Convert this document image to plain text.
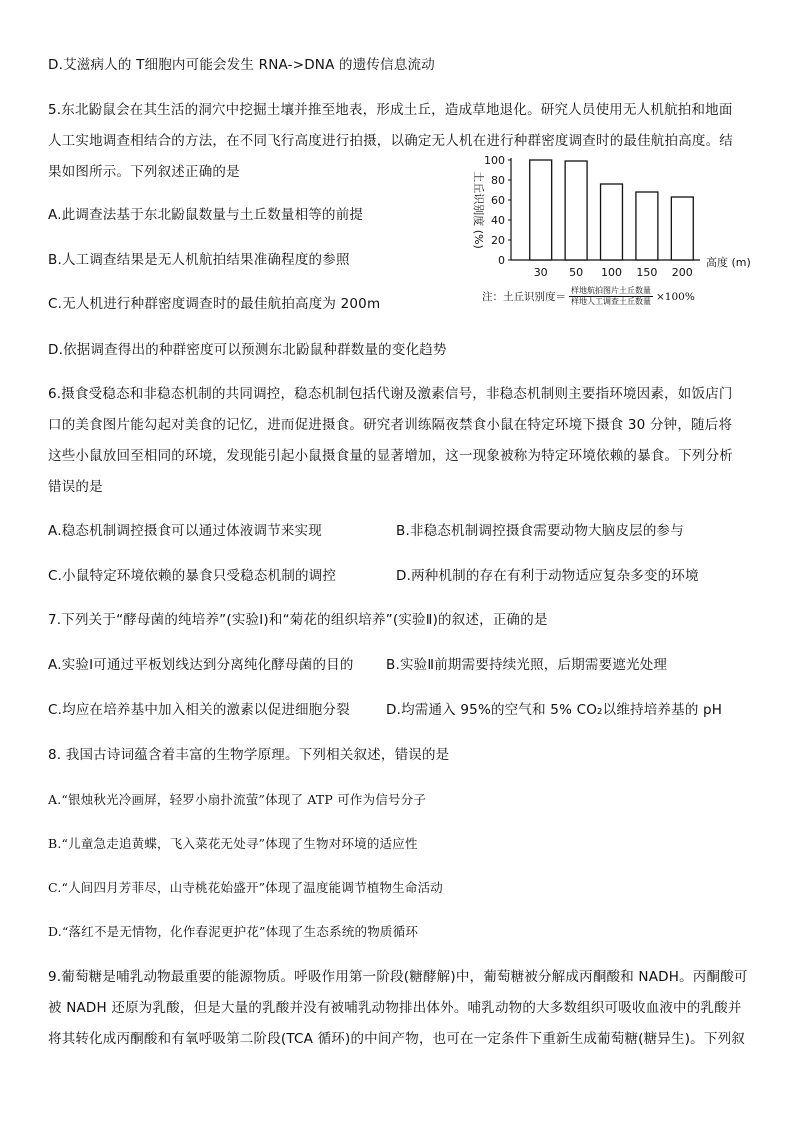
D.艾滋病人的 T细胞内可能会发生 RNA->DNA 的遗传信息流动
5.东北鼢鼠会在其生活的洞穴中挖掘土壤并推至地表，形成土丘，造成草地退化。研究人员使用无人机航拍和地面
人工实地调查相结合的方法，在不同飞行高度进行拍摄，以确定无人机在进行种群密度调查时的最佳航拍高度。结
果如图所示。下列叙述正确的是
A.此调查法基于东北鼢鼠数量与土丘数量相等的前提
B.人工调查结果是无人机航拍结果准确程度的参照
C.无人机进行种群密度调查时的最佳航拍高度为 200m
D.依据调查得出的种群密度可以预测东北鼢鼠种群数量的变化趋势
0
20
40
60
80
100
30 50 100 150 200
土丘识别度 (%)
高度 (m)
注：土丘识别度＝ $\frac{\text{样地航拍图片土丘数量}}{\text{样地人工调查土丘数量}} \times 100\%$
6.摄食受稳态和非稳态机制的共同调控，稳态机制包括代谢及激素信号，非稳态机制则主要指环境因素，如饭店门
口的美食图片能勾起对美食的记忆，进而促进摄食。研究者训练隔夜禁食小鼠在特定环境下摄食 30 分钟，随后将
这些小鼠放回至相同的环境，发现能引起小鼠摄食量的显著增加，这一现象被称为特定环境依赖的暴食。下列分析
错误的是
A.稳态机制调控摄食可以通过体液调节来实现	B.非稳态机制调控摄食需要动物大脑皮层的参与
C.小鼠特定环境依赖的暴食只受稳态机制的调控	D.两种机制的存在有利于动物适应复杂多变的环境
7.下列关于“酵母菌的纯培养”(实验Ⅰ)和“菊花的组织培养”(实验Ⅱ)的叙述，正确的是
A.实验Ⅰ可通过平板划线达到分离纯化酵母菌的目的 B.实验Ⅱ前期需要持续光照，后期需要遮光处理
C.均应在培养基中加入相关的激素以促进细胞分裂	D.均需通入 95%的空气和 5% CO₂以维持培养基的 pH
8. 我国古诗词蕴含着丰富的生物学原理。下列相关叙述，错误的是
A.“银烛秋光冷画屏，轻罗小扇扑流萤”体现了 ATP 可作为信号分子
B.“儿童急走追黄蝶，飞入菜花无处寻”体现了生物对环境的适应性
C.“人间四月芳菲尽，山寺桃花始盛开”体现了温度能调节植物生命活动
D.“落红不是无情物，化作春泥更护花”体现了生态系统的物质循环
9.葡萄糖是哺乳动物最重要的能源物质。呼吸作用第一阶段(糖酵解)中，葡萄糖被分解成丙酮酸和 NADH。丙酮酸可
被 NADH 还原为乳酸，但是大量的乳酸并没有被哺乳动物排出体外。哺乳动物的大多数组织可吸收血液中的乳酸并
将其转化成丙酮酸和有氧呼吸第二阶段(TCA 循环)的中间产物，也可在一定条件下重新生成葡萄糖(糖异生)。下列叙
